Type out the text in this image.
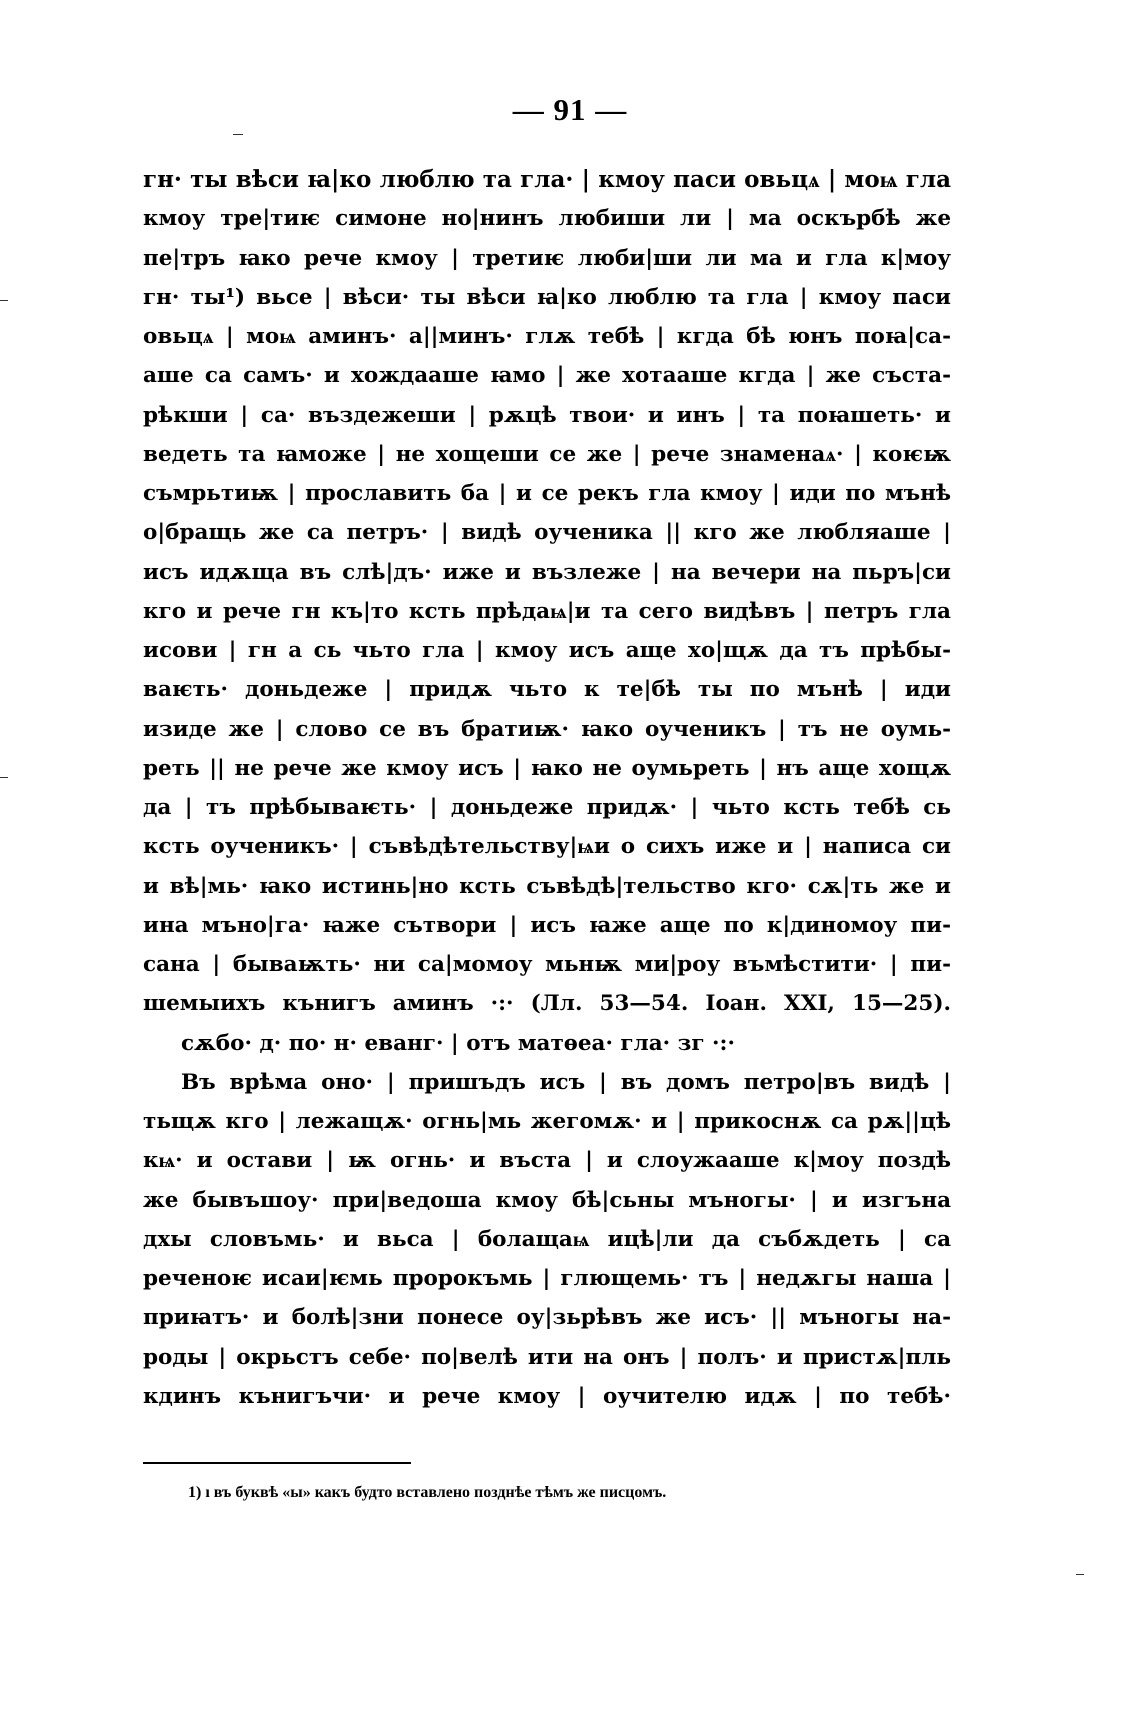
— 91 —
гн· ты вѣси ꙗ|ко люблю та гла· | кмоу паси овьцѧ | моѩ гла
кмоу тре|тиѥ симоне но|нинъ любиши ли | ма оскърбѣ же
пе|тръ ꙗко рече кмоу | третиѥ люби|ши ли ма и гла к|моу
гн· ты¹) вьсе | вѣси· ты вѣси ꙗ|ко люблю та гла | кмоу паси
овьцѧ | моѩ аминъ· а||минъ· глѫ тебѣ | кгда бѣ юнъ поꙗ|са-
аше са самъ· и хождааше ꙗмо | же хотааше кгда | же съста-
рѣкши | са· въздежеши | рѫцѣ твои· и инъ | та поꙗшеть· и
ведеть та ꙗможе | не хощеши се же | рече знаменаѧ· | коѥѭ
съмрьтиѭ | прославить ба | и се рекъ гла кмоу | иди по мънѣ
о|бращь же са петръ· | видѣ оученика || кго же любляаше |
исъ идѫща въ слѣ|дъ· иже и възлеже | на вечери на пьръ|си
кго и рече гн къ|то ксть прѣдаѩ|и та сего видѣвъ | петръ гла
исови | гн а сь чьто гла | кмоу исъ аще хо|щѫ да тъ прѣбы-
ваѥть· доньдеже | придѫ чьто к те|бѣ ты по мънѣ | иди
изиде же | слово се въ братиѭ· ꙗко оученикъ | тъ не оумь-
реть || не рече же кмоу исъ | ꙗко не оумьреть | нъ аще хощѫ
да | тъ прѣбываѥть· | доньдеже придѫ· | чьто ксть тебѣ сь
ксть оученикъ· | съвѣдѣтельству|ѩи о сихъ иже и | написа си
и вѣ|мь· ꙗко истинь|но ксть съвѣдѣ|тельство кго· сѫ|ть же и
ина мъно|га· ꙗже сътвори | исъ ꙗже аще по к|диномоу пи-
сана | бываѭть· ни са|момоу мьнѭ ми|роу въмѣстити· | пи-
шемыихъ кънигъ аминъ ·:· (Лл. 53—54. Іоан. XXI, 15—25).
сѫбо· д· по· н· еванг· | отъ матѳеа· гла· зг ·:·
Въ врѣма оно· | пришъдъ исъ | въ домъ петро|въ видѣ |
тьщѫ кго | лежащѫ· огнь|мь жегомѫ· и | прикоснѫ са рѫ||цѣ
кѩ· и остави | ѭ огнь· и въста | и слоужааше к|моу поздѣ
же бывъшоу· при|ведоша кмоу бѣ|сьны мъногы· | и изгъна
дхы словъмь· и вьса | болащаѩ ицѣ|ли да събѫдеть | са
реченоѥ исаи|ѥмь пророкъмь | глющемь· тъ | недѫгы наша |
приꙗтъ· и болѣ|зни понесе оу|зьрѣвъ же исъ· || мъногы на-
роды | окрьстъ себе· по|велѣ ити на онъ | полъ· и пристѫ|пль
кдинъ кънигъчи· и рече кмоу | оучителю идѫ | по тебѣ·
1) ı въ буквѣ «ы» какъ будто вставлено позднѣе тѣмъ же писцомъ.
